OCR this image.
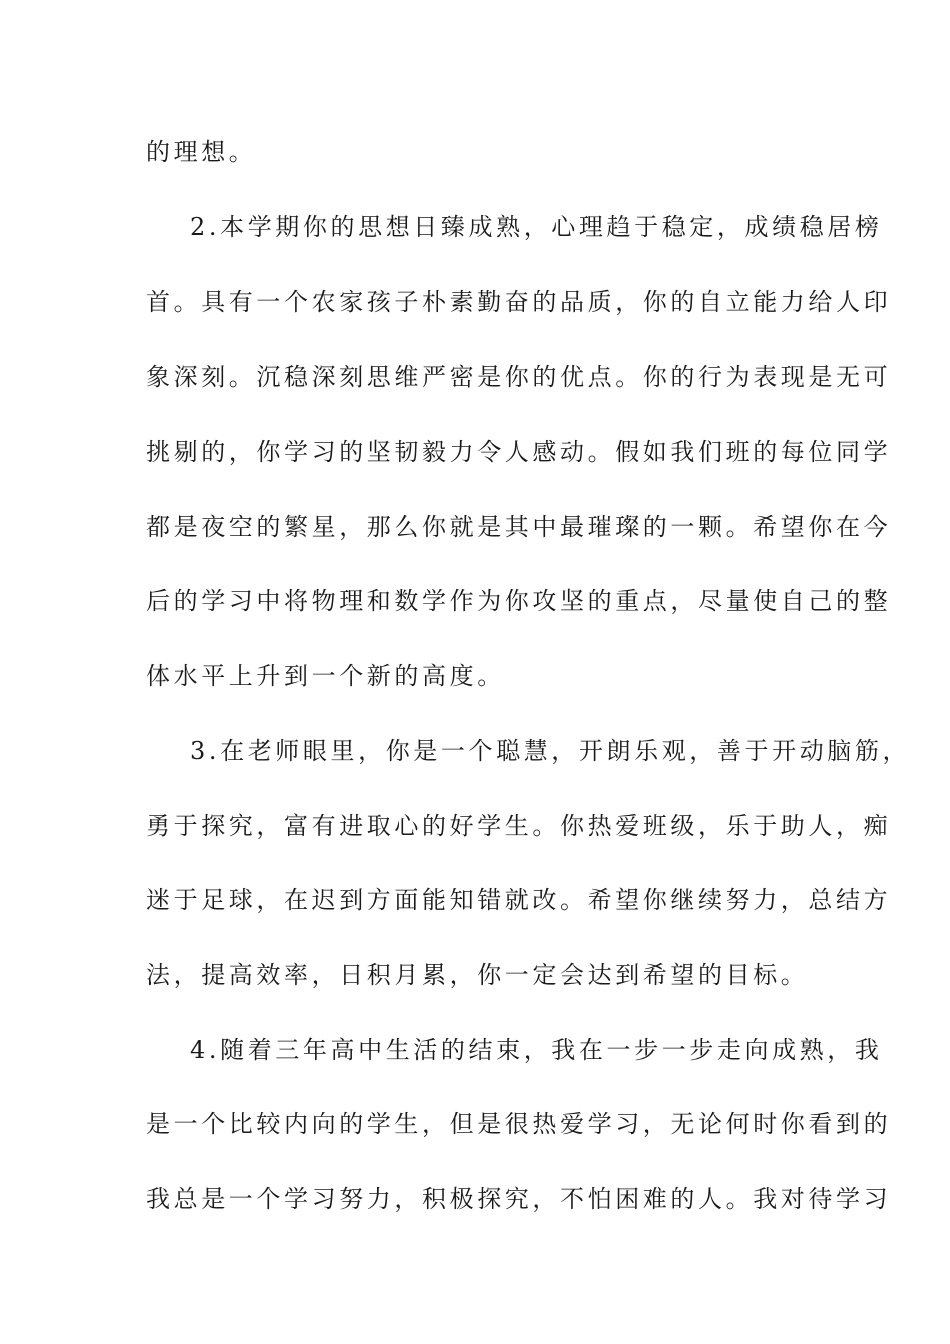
的理想。
2.本学期你的思想日臻成熟，心理趋于稳定，成绩稳居榜
首。具有一个农家孩子朴素勤奋的品质，你的自立能力给人印
象深刻。沉稳深刻思维严密是你的优点。你的行为表现是无可
挑剔的，你学习的坚韧毅力令人感动。假如我们班的每位同学
都是夜空的繁星，那么你就是其中最璀璨的一颗。希望你在今
后的学习中将物理和数学作为你攻坚的重点，尽量使自己的整
体水平上升到一个新的高度。
3.在老师眼里，你是一个聪慧，开朗乐观，善于开动脑筋，
勇于探究，富有进取心的好学生。你热爱班级，乐于助人，痴
迷于足球，在迟到方面能知错就改。希望你继续努力，总结方
法，提高效率，日积月累，你一定会达到希望的目标。
4.随着三年高中生活的结束，我在一步一步走向成熟，我
是一个比较内向的学生，但是很热爱学习，无论何时你看到的
我总是一个学习努力，积极探究，不怕困难的人。我对待学习
